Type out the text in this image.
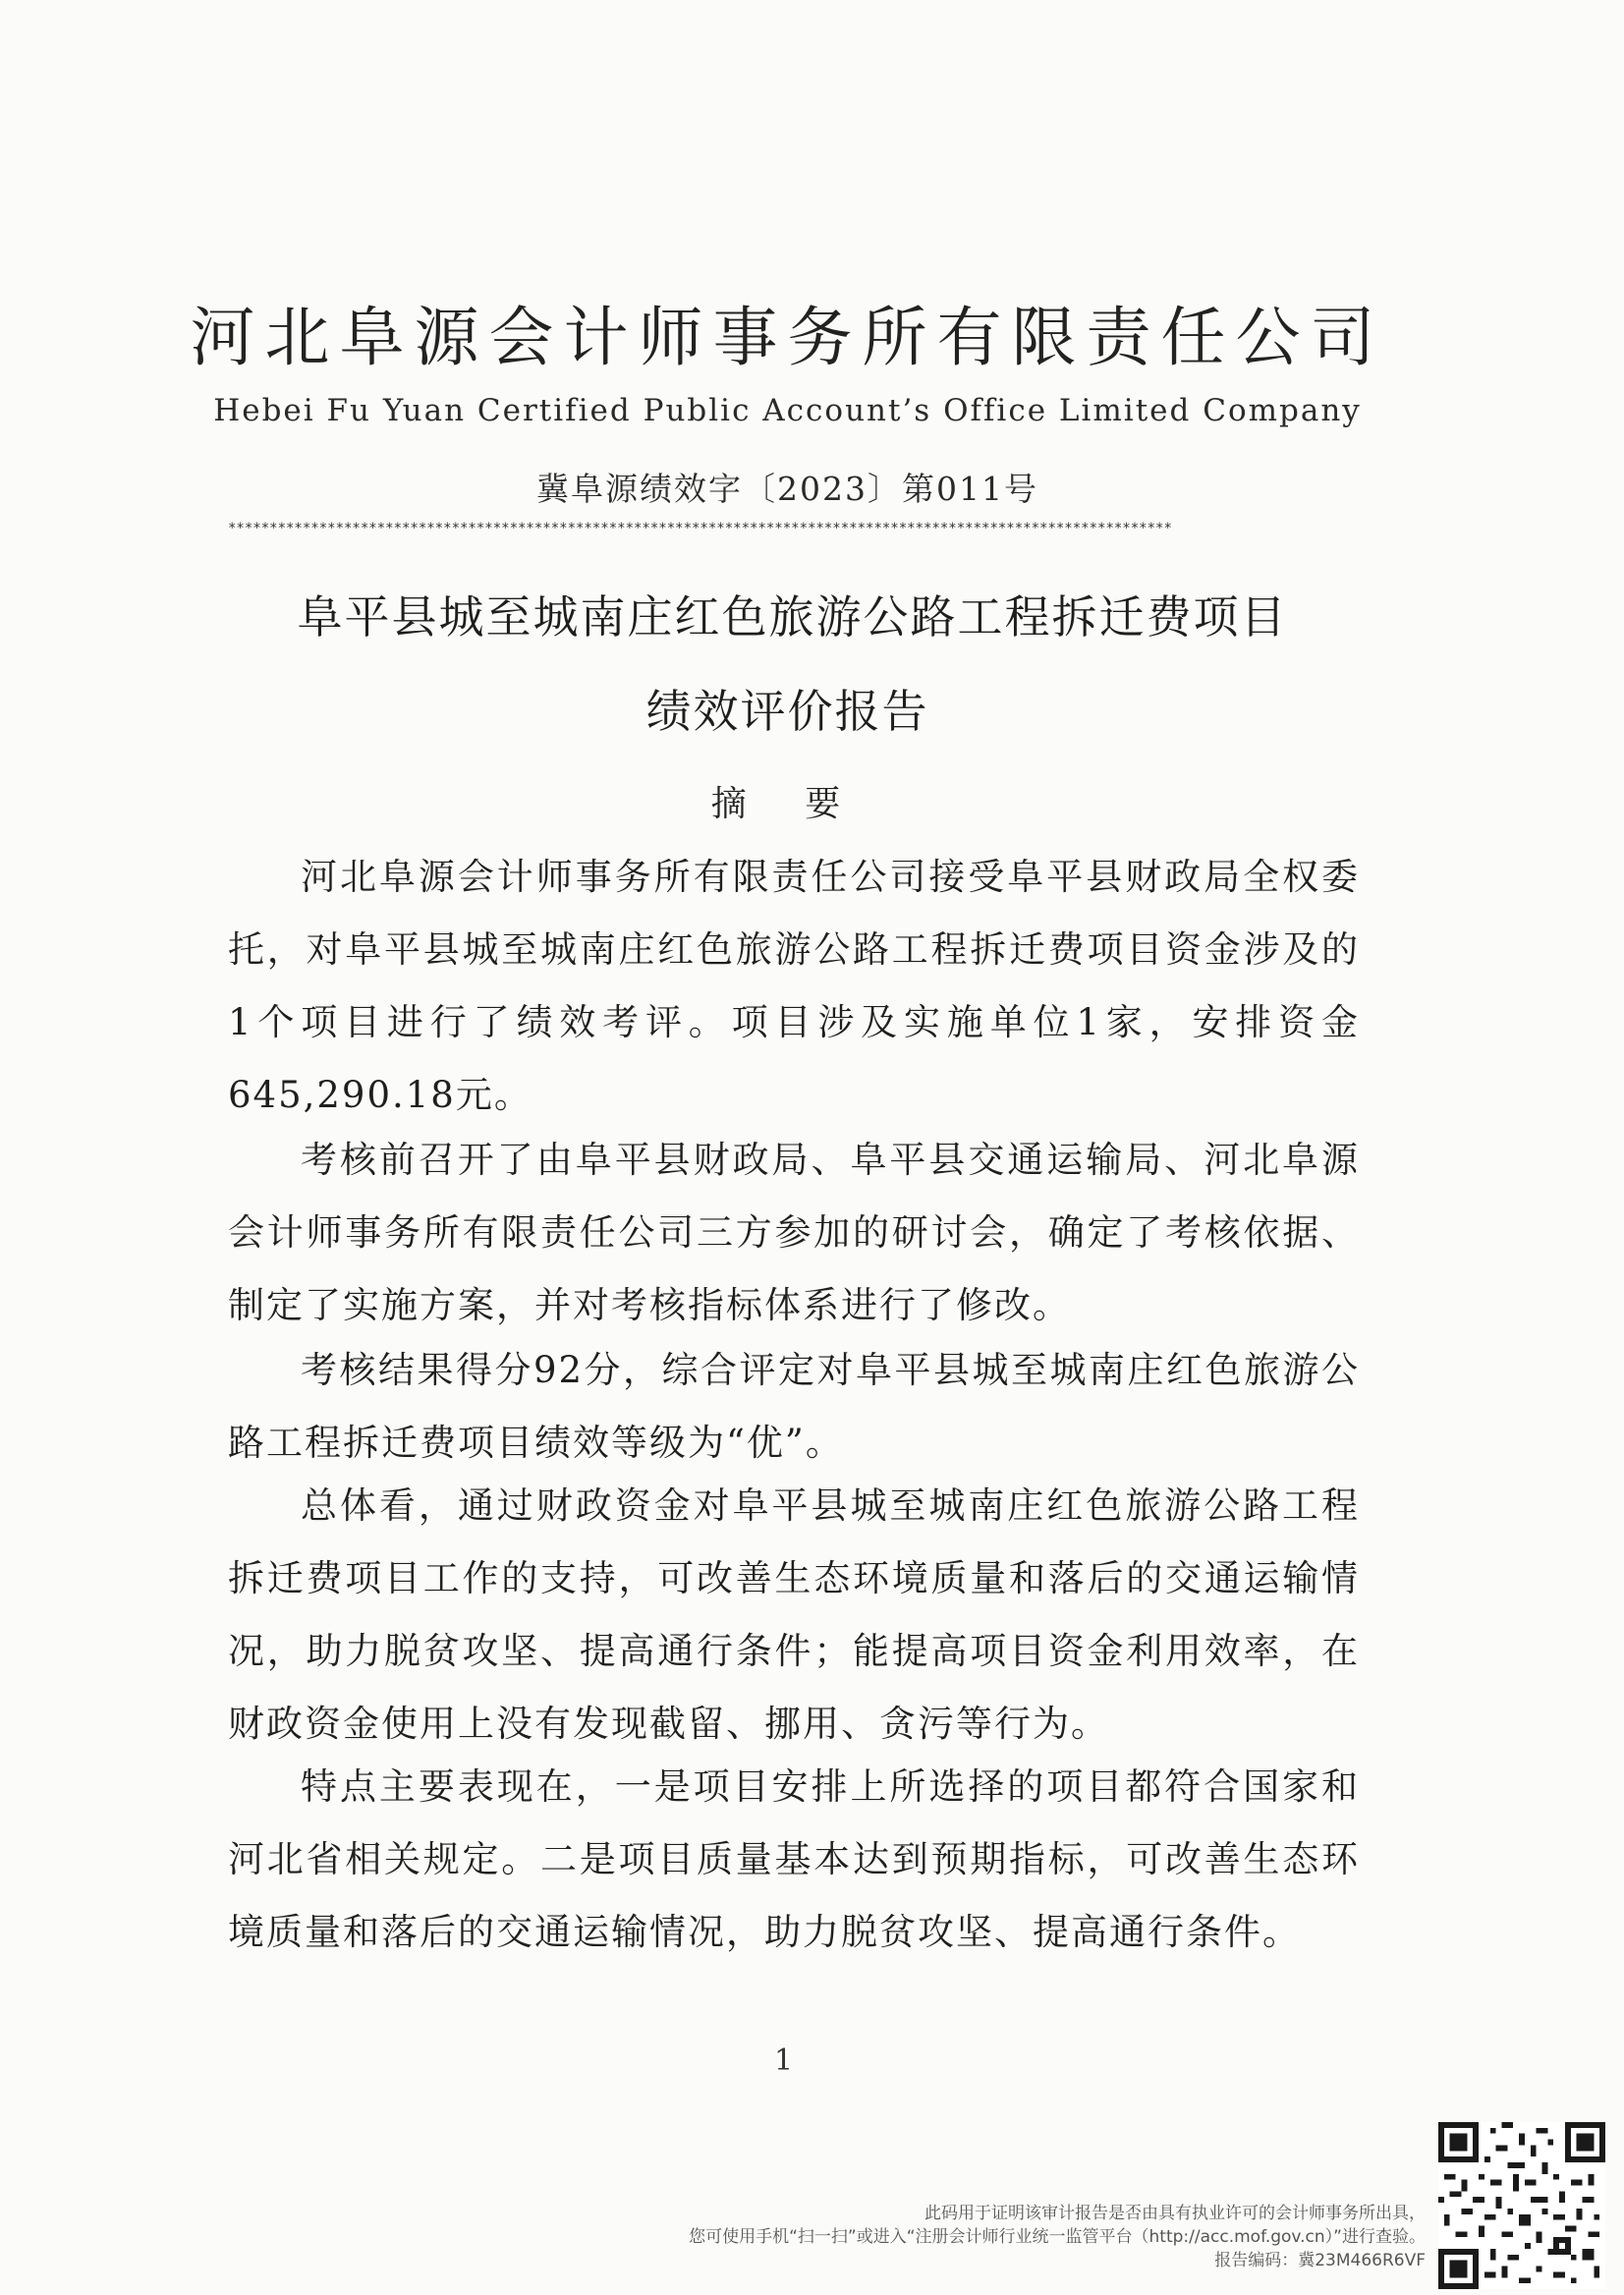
河北阜源会计师事务所有限责任公司
Hebei Fu Yuan Certified Public Account’s Office Limited Company
冀阜源绩效字〔2023〕第011号
******************************************************************************************************************
阜平县城至城南庄红色旅游公路工程拆迁费项目
绩效评价报告
摘 要
河北阜源会计师事务所有限责任公司接受阜平县财政局全权委托，对阜平县城至城南庄红色旅游公路工程拆迁费项目资金涉及的1个项目进行了绩效考评。项目涉及实施单位1家，安排资金645,290.18元。
考核前召开了由阜平县财政局、阜平县交通运输局、河北阜源会计师事务所有限责任公司三方参加的研讨会，确定了考核依据、制定了实施方案，并对考核指标体系进行了修改。
考核结果得分92分，综合评定对阜平县城至城南庄红色旅游公路工程拆迁费项目绩效等级为“优”。
总体看，通过财政资金对阜平县城至城南庄红色旅游公路工程拆迁费项目工作的支持，可改善生态环境质量和落后的交通运输情况，助力脱贫攻坚、提高通行条件；能提高项目资金利用效率，在财政资金使用上没有发现截留、挪用、贪污等行为。
特点主要表现在，一是项目安排上所选择的项目都符合国家和河北省相关规定。二是项目质量基本达到预期指标，可改善生态环境质量和落后的交通运输情况，助力脱贫攻坚、提高通行条件。
1
此码用于证明该审计报告是否由具有执业许可的会计师事务所出具，
您可使用手机“扫一扫”或进入“注册会计师行业统一监管平台（http://acc.mof.gov.cn）”进行查验。
报告编码：冀23M466R6VF
